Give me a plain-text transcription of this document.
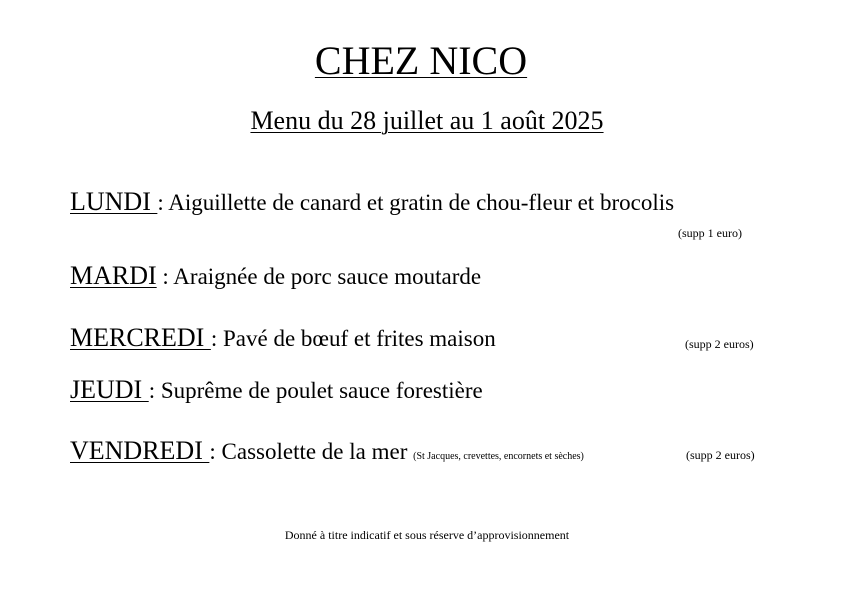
CHEZ NICO
Menu du 28 juillet au 1 août 2025
LUNDI : Aiguillette de canard et gratin de chou-fleur et brocolis
(supp 1 euro)
MARDI : Araignée de porc sauce moutarde
MERCREDI : Pavé de bœuf et frites maison	(supp 2 euros)
JEUDI : Suprême de poulet sauce forestière
VENDREDI : Cassolette de la mer (St Jacques, crevettes, encornets et sèches)	(supp 2 euros)
Donné à titre indicatif et sous réserve d’approvisionnement
